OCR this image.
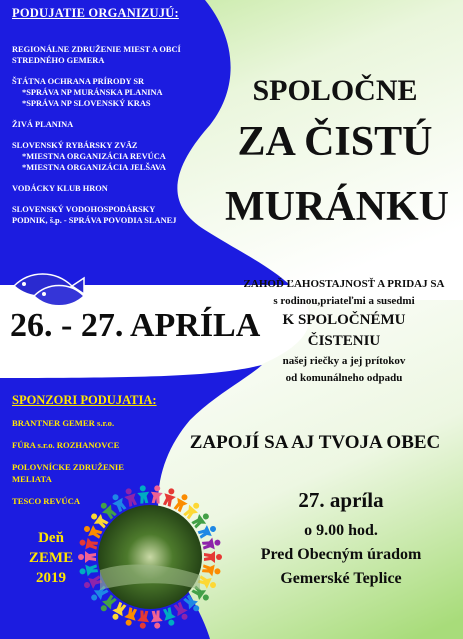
PODUJATIE ORGANIZUJÚ:
REGIONÁLNE ZDRUŽENIE MIEST A OBCÍ
STREDNÉHO GEMERA
ŠTÁTNA OCHRANA PRÍRODY SR
*SPRÁVA NP MURÁNSKA PLANINA
*SPRÁVA NP SLOVENSKÝ KRAS
ŽIVÁ PLANINA
SLOVENSKÝ RYBÁRSKY ZVÄZ
*MIESTNA ORGANIZÁCIA REVÚCA
*MIESTNA ORGANIZÁCIA JELŠAVA
VODÁCKY KLUB HRON
SLOVENSKÝ VODOHOSPODÁRSKY
PODNIK, š.p. - SPRÁVA POVODIA SLANEJ
SPOLOČNE
ZA ČISTÚ
MURÁNKU
26. - 27. APRÍLA
ZAHOĎ ĽAHOSTAJNOSŤ A PRIDAJ SA
s rodinou,priateľmi a susedmi
K SPOLOČNÉMU
ČISTENIU
našej riečky a jej prítokov
od komunálneho odpadu
SPONZORI PODUJATIA:
BRANTNER GEMER s.r.o.
FÚRA s.r.o. ROZHANOVCE
POLOVNÍCKE ZDRUŽENIE
MELIATA
TESCO REVÚCA
Deň
ZEME
2019
ZAPOJÍ SA AJ TVOJA OBEC
27. apríla
o 9.00 hod.
Pred Obecným úradom
Gemerské Teplice
